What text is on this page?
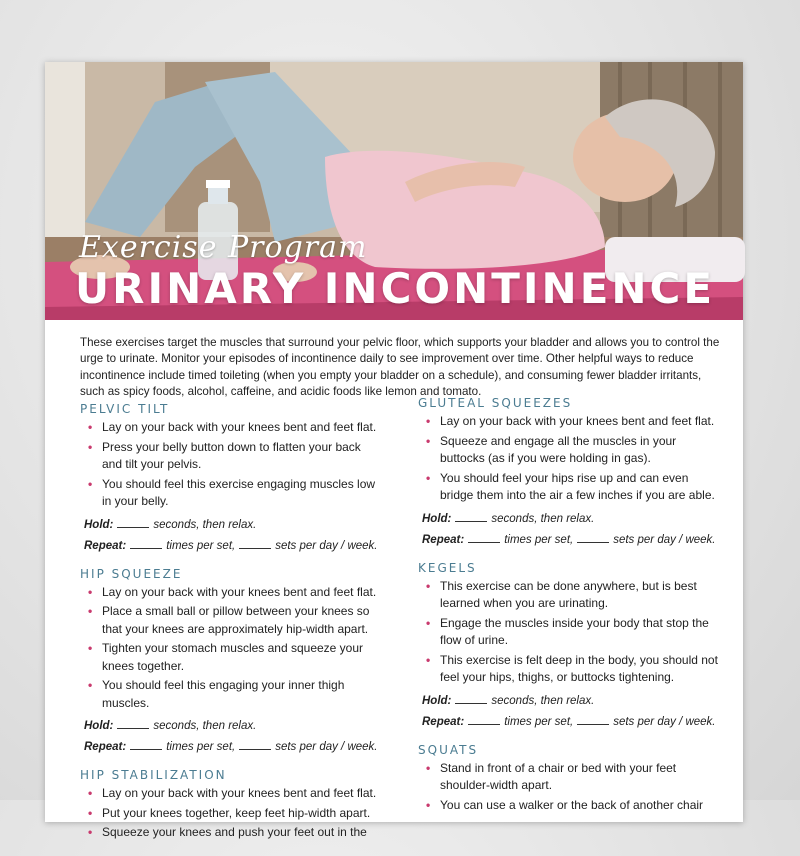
Exercise Program
URINARY INCONTINENCE
These exercises target the muscles that surround your pelvic floor, which supports your bladder and allows you to control the urge to urinate. Monitor your episodes of incontinence daily to see improvement over time. Other helpful ways to reduce incontinence include timed toileting (when you empty your bladder on a schedule), and consuming fewer bladder irritants, such as spicy foods, alcohol, caffeine, and acidic foods like lemon and tomato.
PELVIC TILT
• Lay on your back with your knees bent and feet flat.
• Press your belly button down to flatten your back and tilt your pelvis.
• You should feel this exercise engaging muscles low in your belly.
Hold:	seconds, then relax.
Repeat:	times per set,	sets per day / week.
HIP SQUEEZE
• Lay on your back with your knees bent and feet flat.
• Place a small ball or pillow between your knees so that your knees are approximately hip-width apart.
• Tighten your stomach muscles and squeeze your knees together.
• You should feel this engaging your inner thigh muscles.
Hold:	seconds, then relax.
Repeat:	times per set,	sets per day / week.
HIP STABILIZATION
• Lay on your back with your knees bent and feet flat.
• Put your knees together, keep feet hip-width apart.
• Squeeze your knees and push your feet out in the
GLUTEAL SQUEEZES
• Lay on your back with your knees bent and feet flat.
• Squeeze and engage all the muscles in your buttocks (as if you were holding in gas).
• You should feel your hips rise up and can even bridge them into the air a few inches if you are able.
Hold:	seconds, then relax.
Repeat:	times per set,	sets per day / week.
KEGELS
• This exercise can be done anywhere, but is best learned when you are urinating.
• Engage the muscles inside your body that stop the flow of urine.
• This exercise is felt deep in the body, you should not feel your hips, thighs, or buttocks tightening.
Hold:	seconds, then relax.
Repeat:	times per set,	sets per day / week.
SQUATS
• Stand in front of a chair or bed with your feet shoulder-width apart.
• You can use a walker or the back of another chair
